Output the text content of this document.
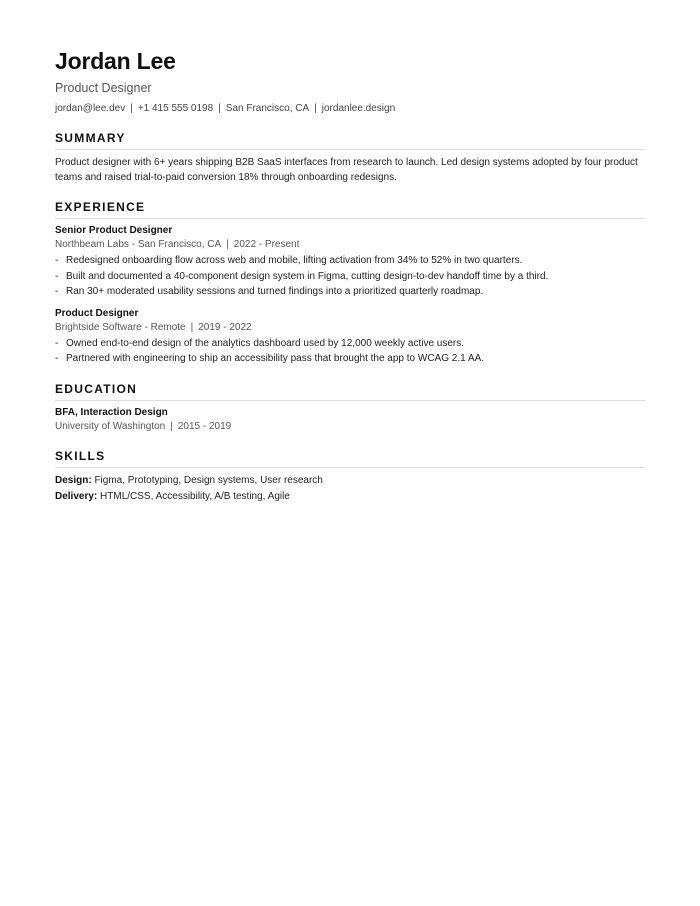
Jordan Lee
Product Designer
jordan@lee.dev | +1 415 555 0198 | San Francisco, CA | jordanlee.design
SUMMARY
Product designer with 6+ years shipping B2B SaaS interfaces from research to launch. Led design systems adopted by four product teams and raised trial-to-paid conversion 18% through onboarding redesigns.
EXPERIENCE
Senior Product Designer
Northbeam Labs - San Francisco, CA | 2022 - Present
- Redesigned onboarding flow across web and mobile, lifting activation from 34% to 52% in two quarters.
- Built and documented a 40-component design system in Figma, cutting design-to-dev handoff time by a third.
- Ran 30+ moderated usability sessions and turned findings into a prioritized quarterly roadmap.
Product Designer
Brightside Software - Remote | 2019 - 2022
- Owned end-to-end design of the analytics dashboard used by 12,000 weekly active users.
- Partnered with engineering to ship an accessibility pass that brought the app to WCAG 2.1 AA.
EDUCATION
BFA, Interaction Design
University of Washington | 2015 - 2019
SKILLS
Design: Figma, Prototyping, Design systems, User research
Delivery: HTML/CSS, Accessibility, A/B testing, Agile
